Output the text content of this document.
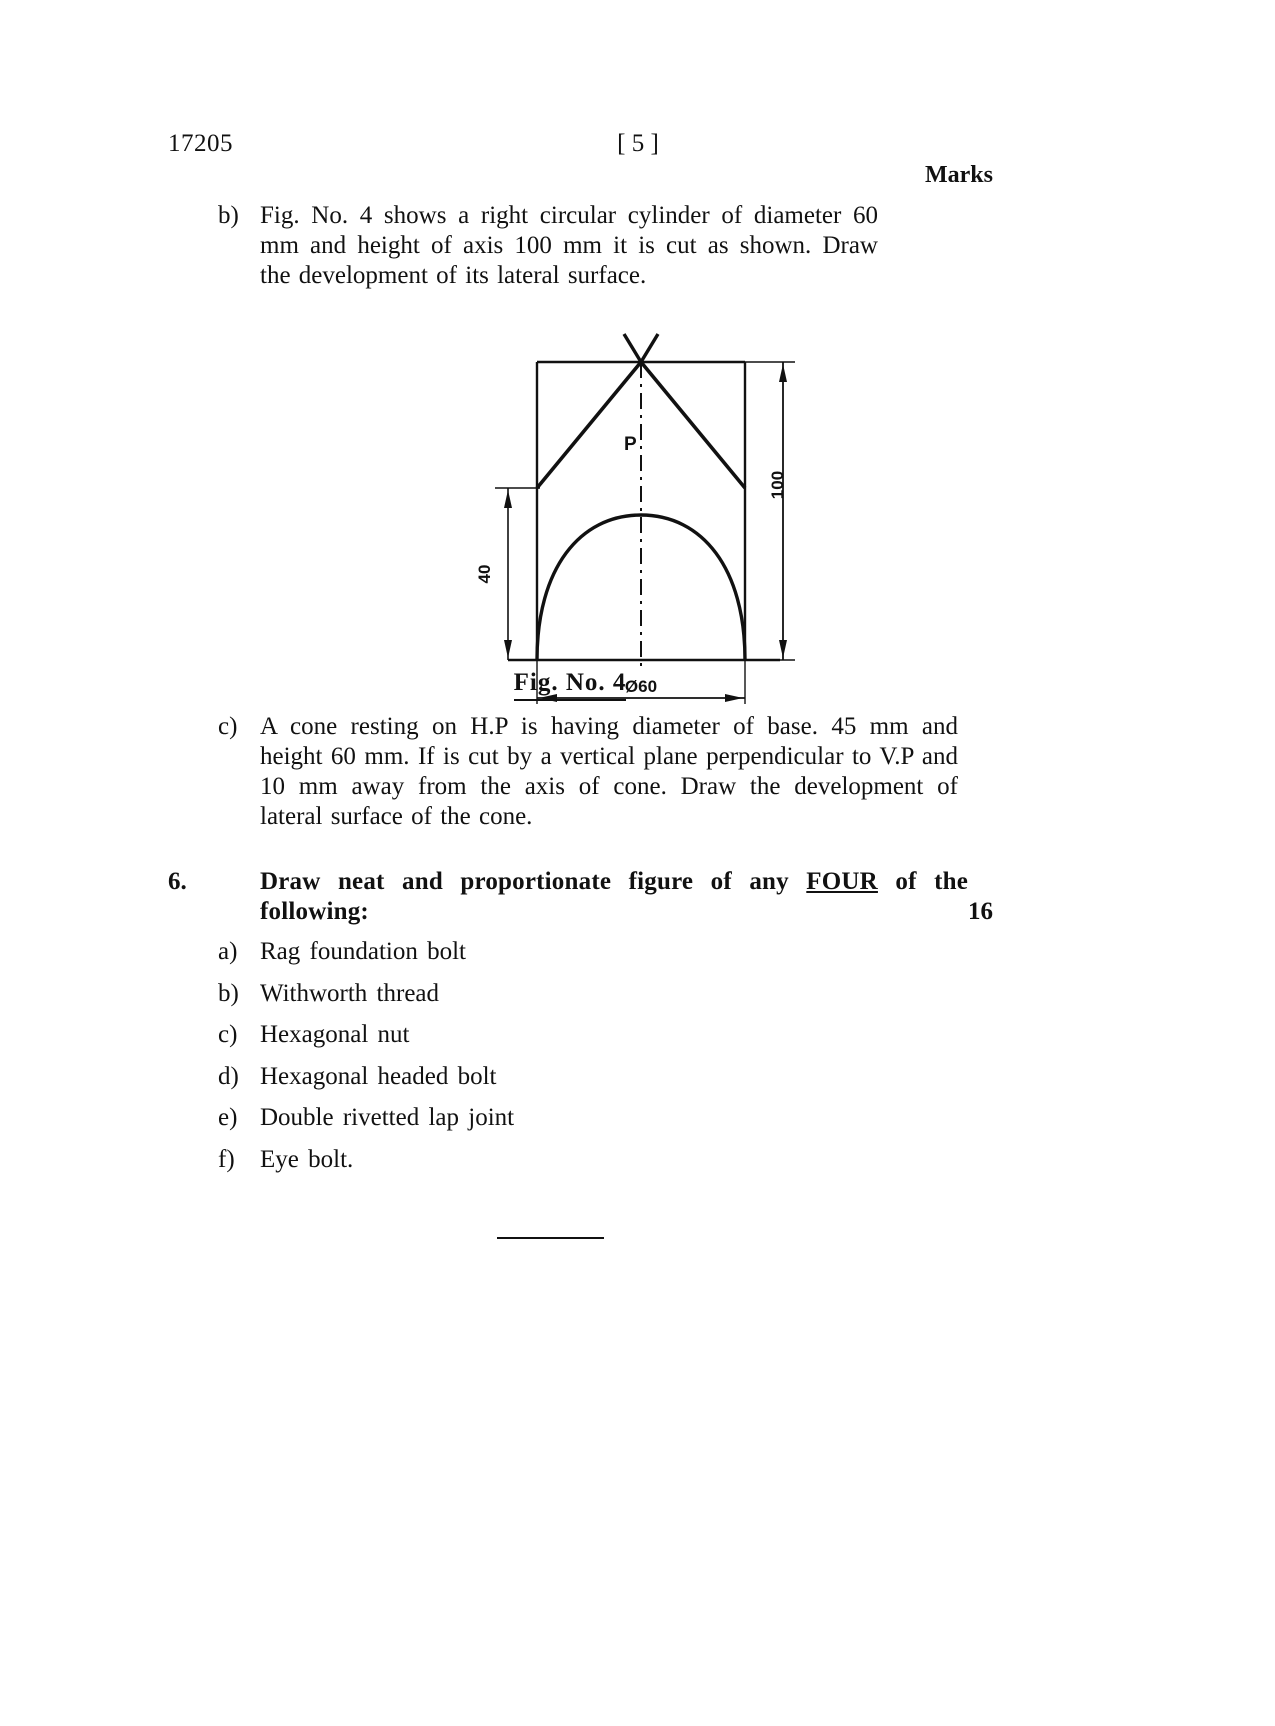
17205	[ 5 ]
Marks
b) Fig. No. 4 shows a right circular cylinder of diameter 60 mm and height of axis 100 mm it is cut as shown. Draw the development of its lateral surface.

P
100
40
Ø60
Fig. No. 4
c) A cone resting on H.P is having diameter of base. 45 mm and height 60 mm. If is cut by a vertical plane perpendicular to V.P and 10 mm away from the axis of cone. Draw the development of lateral surface of the cone.

6.	Draw neat and proportionate figure of any FOUR of the following:	16
a) Rag foundation bolt
b) Withworth thread
c) Hexagonal nut
d) Hexagonal headed bolt
e) Double rivetted lap joint
f)	Eye bolt.
